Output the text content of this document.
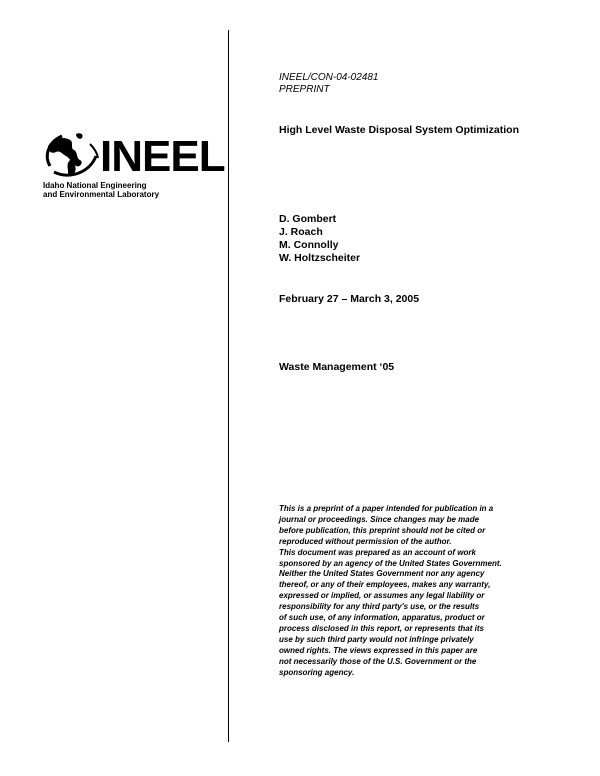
INEEL
Idaho National Engineering
and Environmental Laboratory
INEEL/CON-04-02481
PREPRINT
High Level Waste Disposal System Optimization
D. Gombert
J. Roach
M. Connolly
W. Holtzscheiter
February 27 – March 3, 2005
Waste Management ‘05
This is a preprint of a paper intended for publication in a
journal or proceedings. Since changes may be made
before publication, this preprint should not be cited or
reproduced without permission of the author.
This document was prepared as an account of work
sponsored by an agency of the United States Government.
Neither the United States Government nor any agency
thereof, or any of their employees, makes any warranty,
expressed or implied, or assumes any legal liability or
responsibility for any third party's use, or the results
of such use, of any information, apparatus, product or
process disclosed in this report, or represents that its
use by such third party would not infringe privately
owned rights. The views expressed in this paper are
not necessarily those of the U.S. Government or the
sponsoring agency.
